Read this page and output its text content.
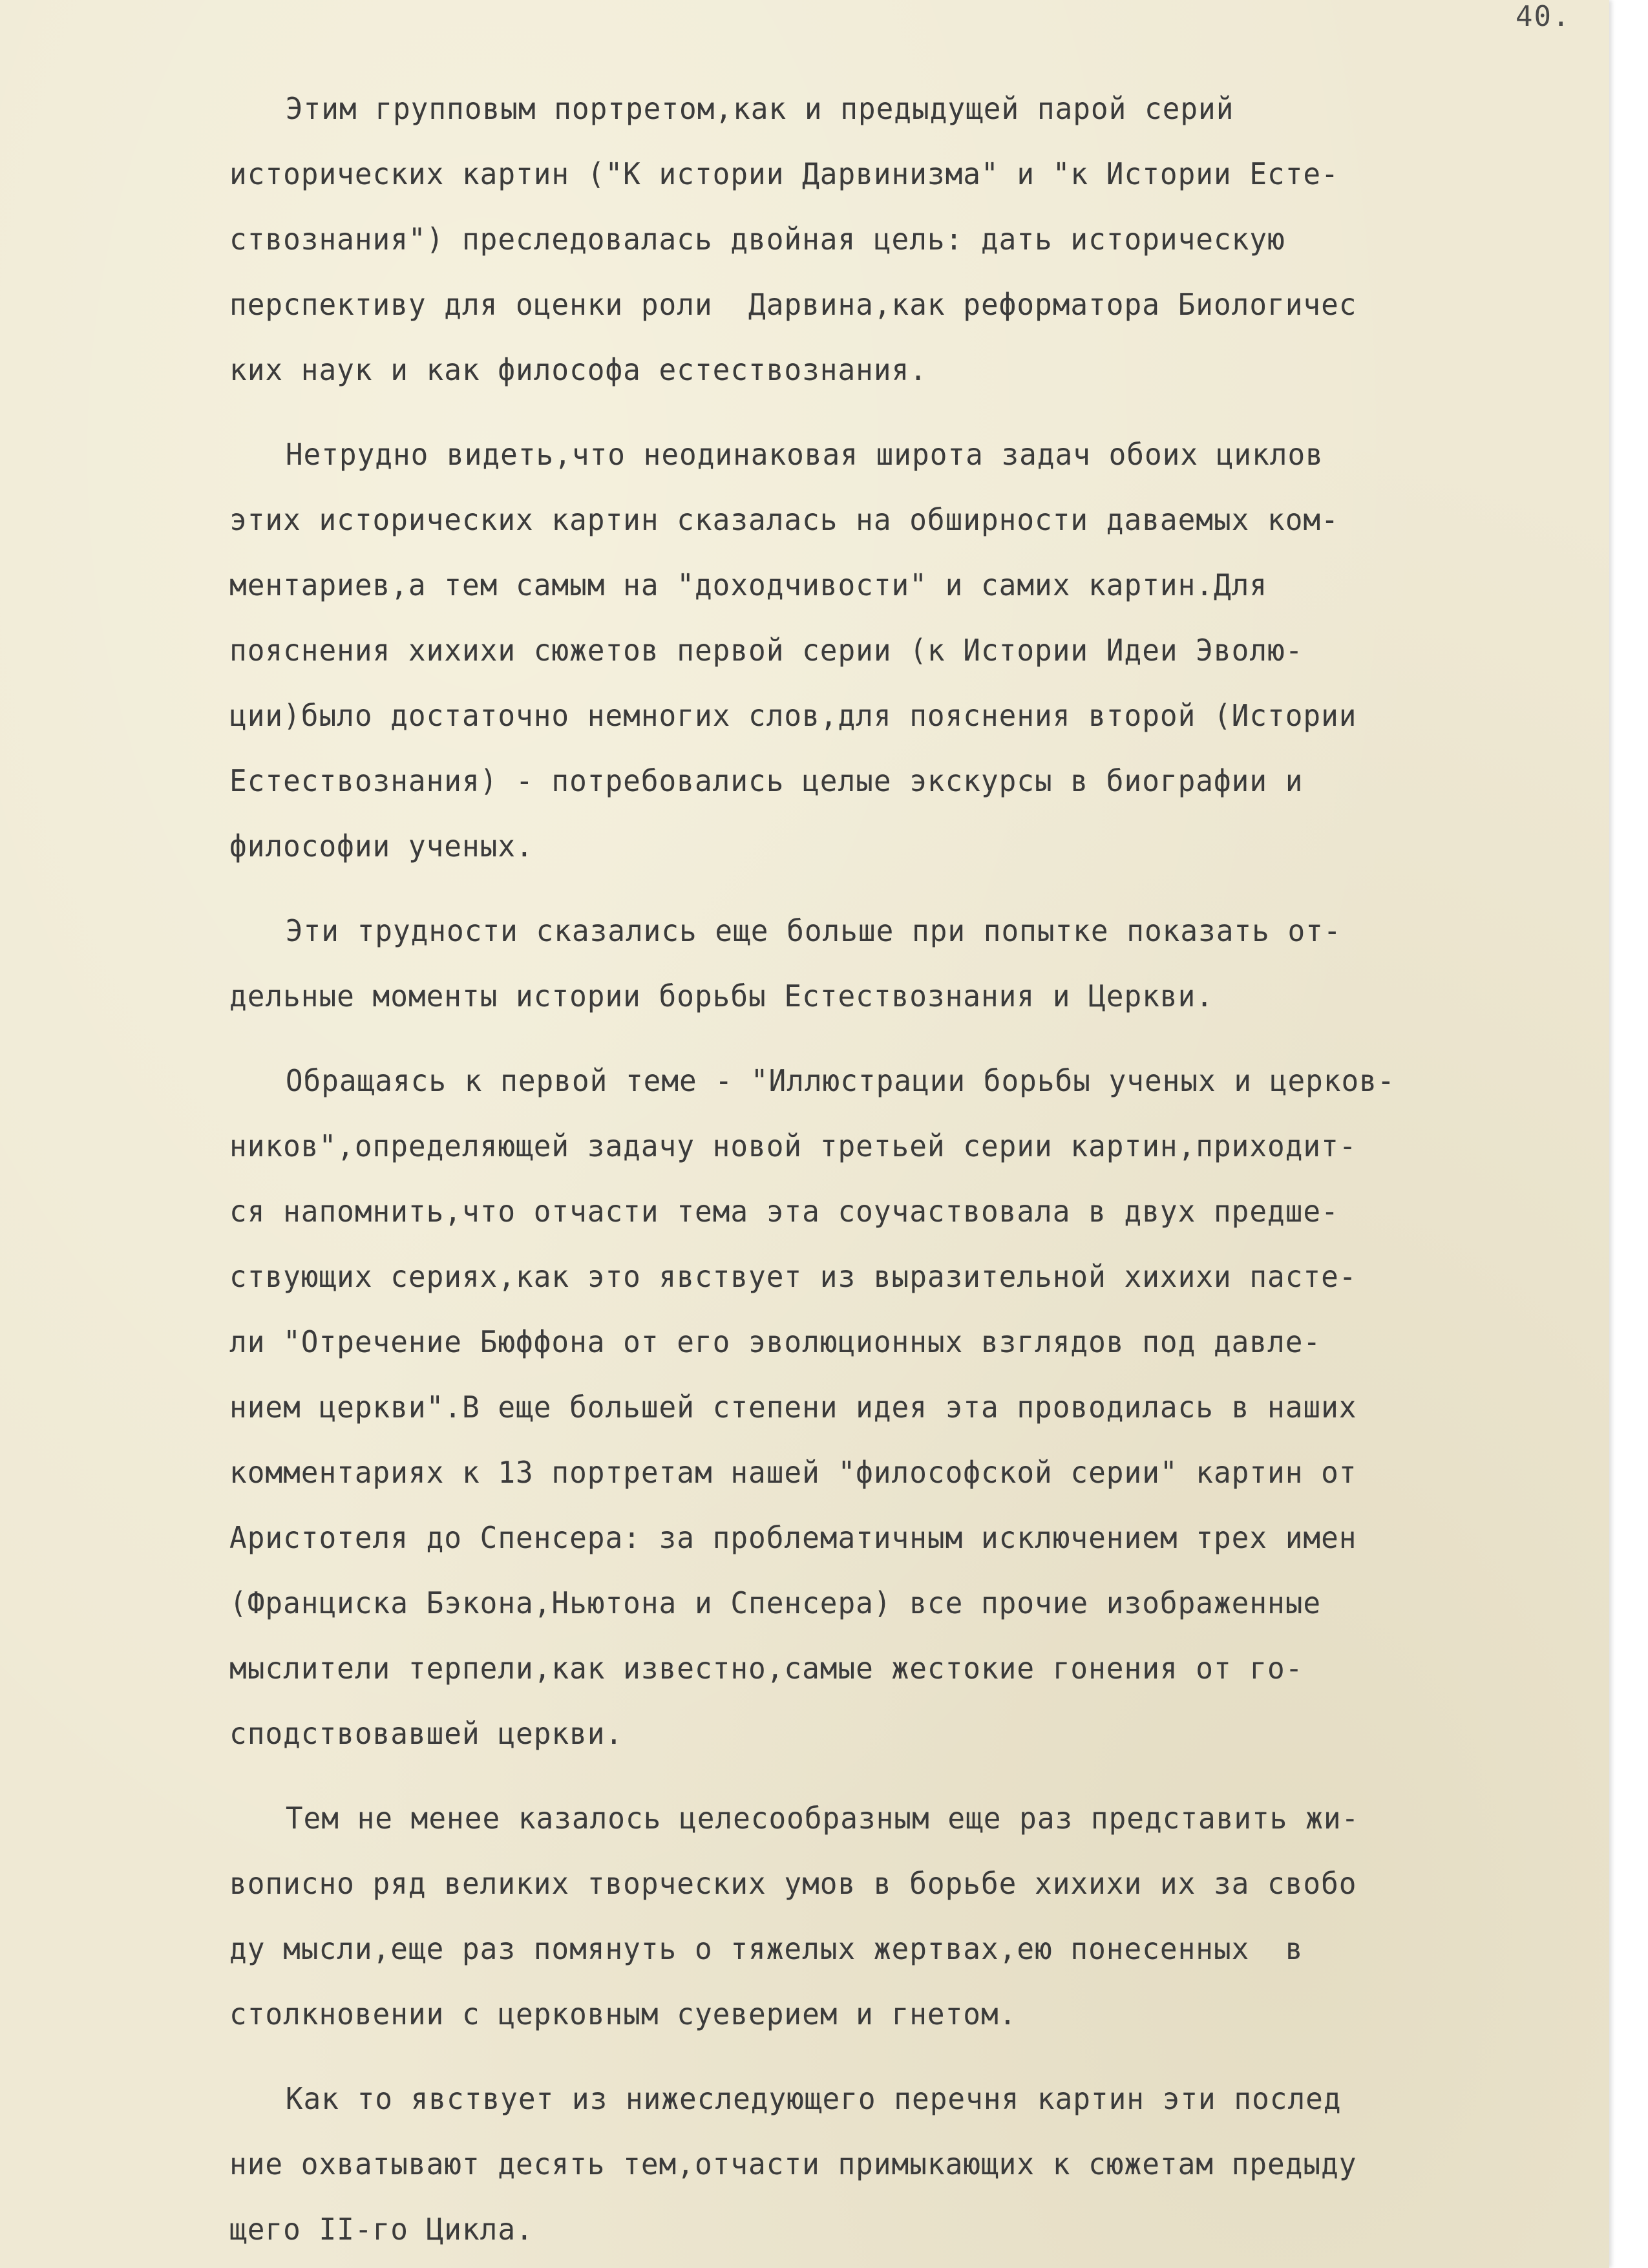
40.
Этим групповым портретом,как и предыдущей парой серий
исторических картин ("К истории Дарвинизма" и "к Истории Есте-
ствознания") преследовалась двойная цель: дать историческую
перспективу для оценки роли  Дарвина,как реформатора Биологичес
ких наук и как философа естествознания.
Нетрудно видеть,что неодинаковая широта задач обоих циклов
этих исторических картин сказалась на обширности даваемых ком-
ментариев,а тем самым на "доходчивости" и самих картин.Для
пояснения хихихи сюжетов первой серии (к Истории Идеи Эволю-
ции)было достаточно немногих слов,для пояснения второй (Истории
Естествознания) - потребовались целые экскурсы в биографии и
философии ученых.
Эти трудности сказались еще больше при попытке показать от-
дельные моменты истории борьбы Естествознания и Церкви.
Обращаясь к первой теме - "Иллюстрации борьбы ученых и церков-
ников",определяющей задачу новой третьей серии картин,приходит-
ся напомнить,что отчасти тема эта соучаствовала в двух предше-
ствующих сериях,как это явствует из выразительной хихихи пасте-
ли "Отречение Бюффона от его эволюционных взглядов под давле-
нием церкви".В еще большей степени идея эта проводилась в наших
комментариях к 13 портретам нашей "философской серии" картин от
Аристотеля до Спенсера: за проблематичным исключением трех имен
(Франциска Бэкона,Ньютона и Спенсера) все прочие изображенные
мыслители терпели,как известно,самые жестокие гонения от го-
сподствовавшей церкви.
Тем не менее казалось целесообразным еще раз представить жи-
вописно ряд великих творческих умов в борьбе хихихи их за свобо
ду мысли,еще раз помянуть о тяжелых жертвах,ею понесенных  в
столкновении с церковным суеверием и гнетом.
Как то явствует из нижеследующего перечня картин эти послед
ние охватывают десять тем,отчасти примыкающих к сюжетам предыду
щего II-го Цикла.
